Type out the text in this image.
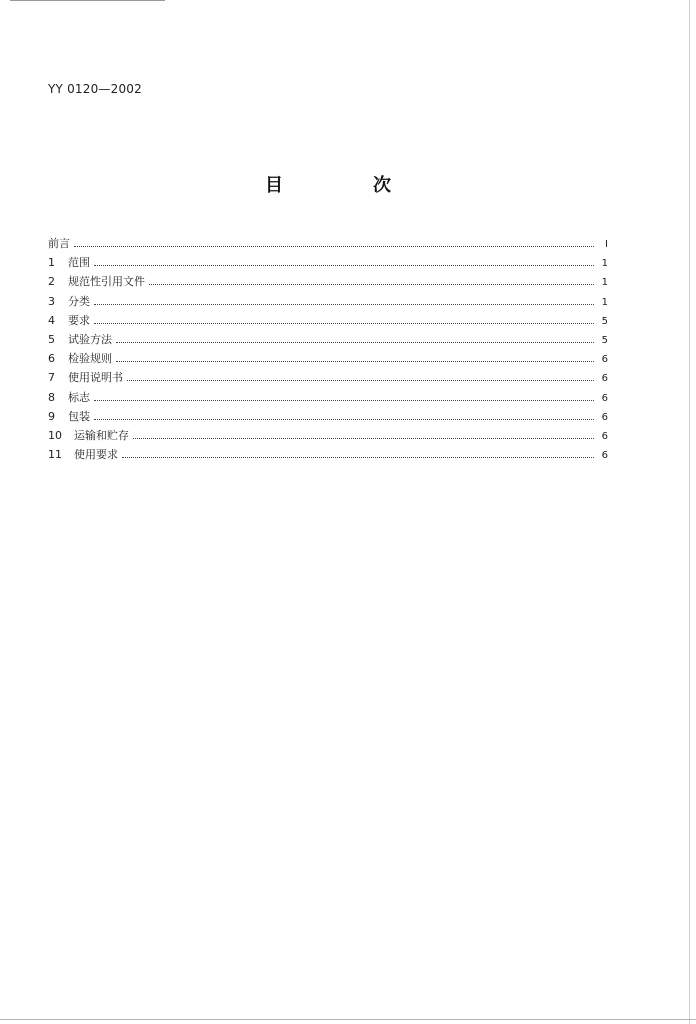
YY 0120—2002
目　次
前言	I
1	范围	1
2	规范性引用文件	1
3	分类	1
4	要求	5
5	试验方法	5
6	检验规则	6
7	使用说明书	6
8	标志	6
9	包装	6
10	运输和贮存	6
11	使用要求	6
